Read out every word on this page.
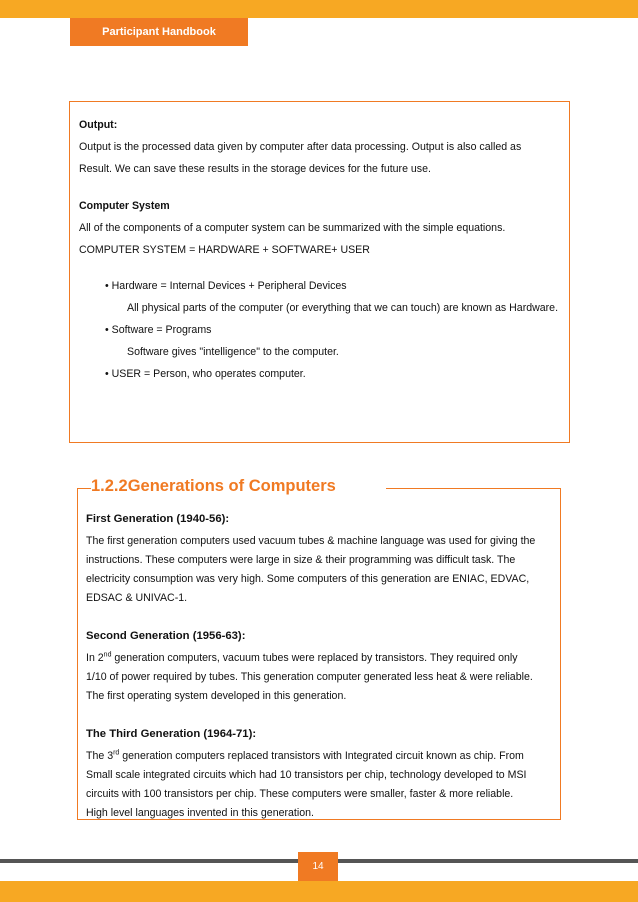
Participant Handbook
Output:
Output is the processed data given by computer after data processing. Output is also called as
Result. We can save these results in the storage devices for the future use.
Computer System
All of the components of a computer system can be summarized with the simple equations.
COMPUTER SYSTEM = HARDWARE + SOFTWARE+ USER
• Hardware = Internal Devices + Peripheral Devices
All physical parts of the computer (or everything that we can touch) are known as Hardware.
• Software = Programs
Software gives "intelligence" to the computer.
• USER = Person, who operates computer.
First Generation (1940-56):
The first generation computers used vacuum tubes & machine language was used for giving the
instructions. These computers were large in size & their programming was difficult task. The
electricity consumption was very high. Some computers of this generation are ENIAC, EDVAC,
EDSAC & UNIVAC-1.
Second Generation (1956-63):
In 2nd generation computers, vacuum tubes were replaced by transistors. They required only
1/10 of power required by tubes. This generation computer generated less heat & were reliable.
The first operating system developed in this generation.
The Third Generation (1964-71):
The 3rd generation computers replaced transistors with Integrated circuit known as chip. From
Small scale integrated circuits which had 10 transistors per chip, technology developed to MSI
circuits with 100 transistors per chip. These computers were smaller, faster & more reliable.
High level languages invented in this generation.
1.2.2Generations of Computers
14
